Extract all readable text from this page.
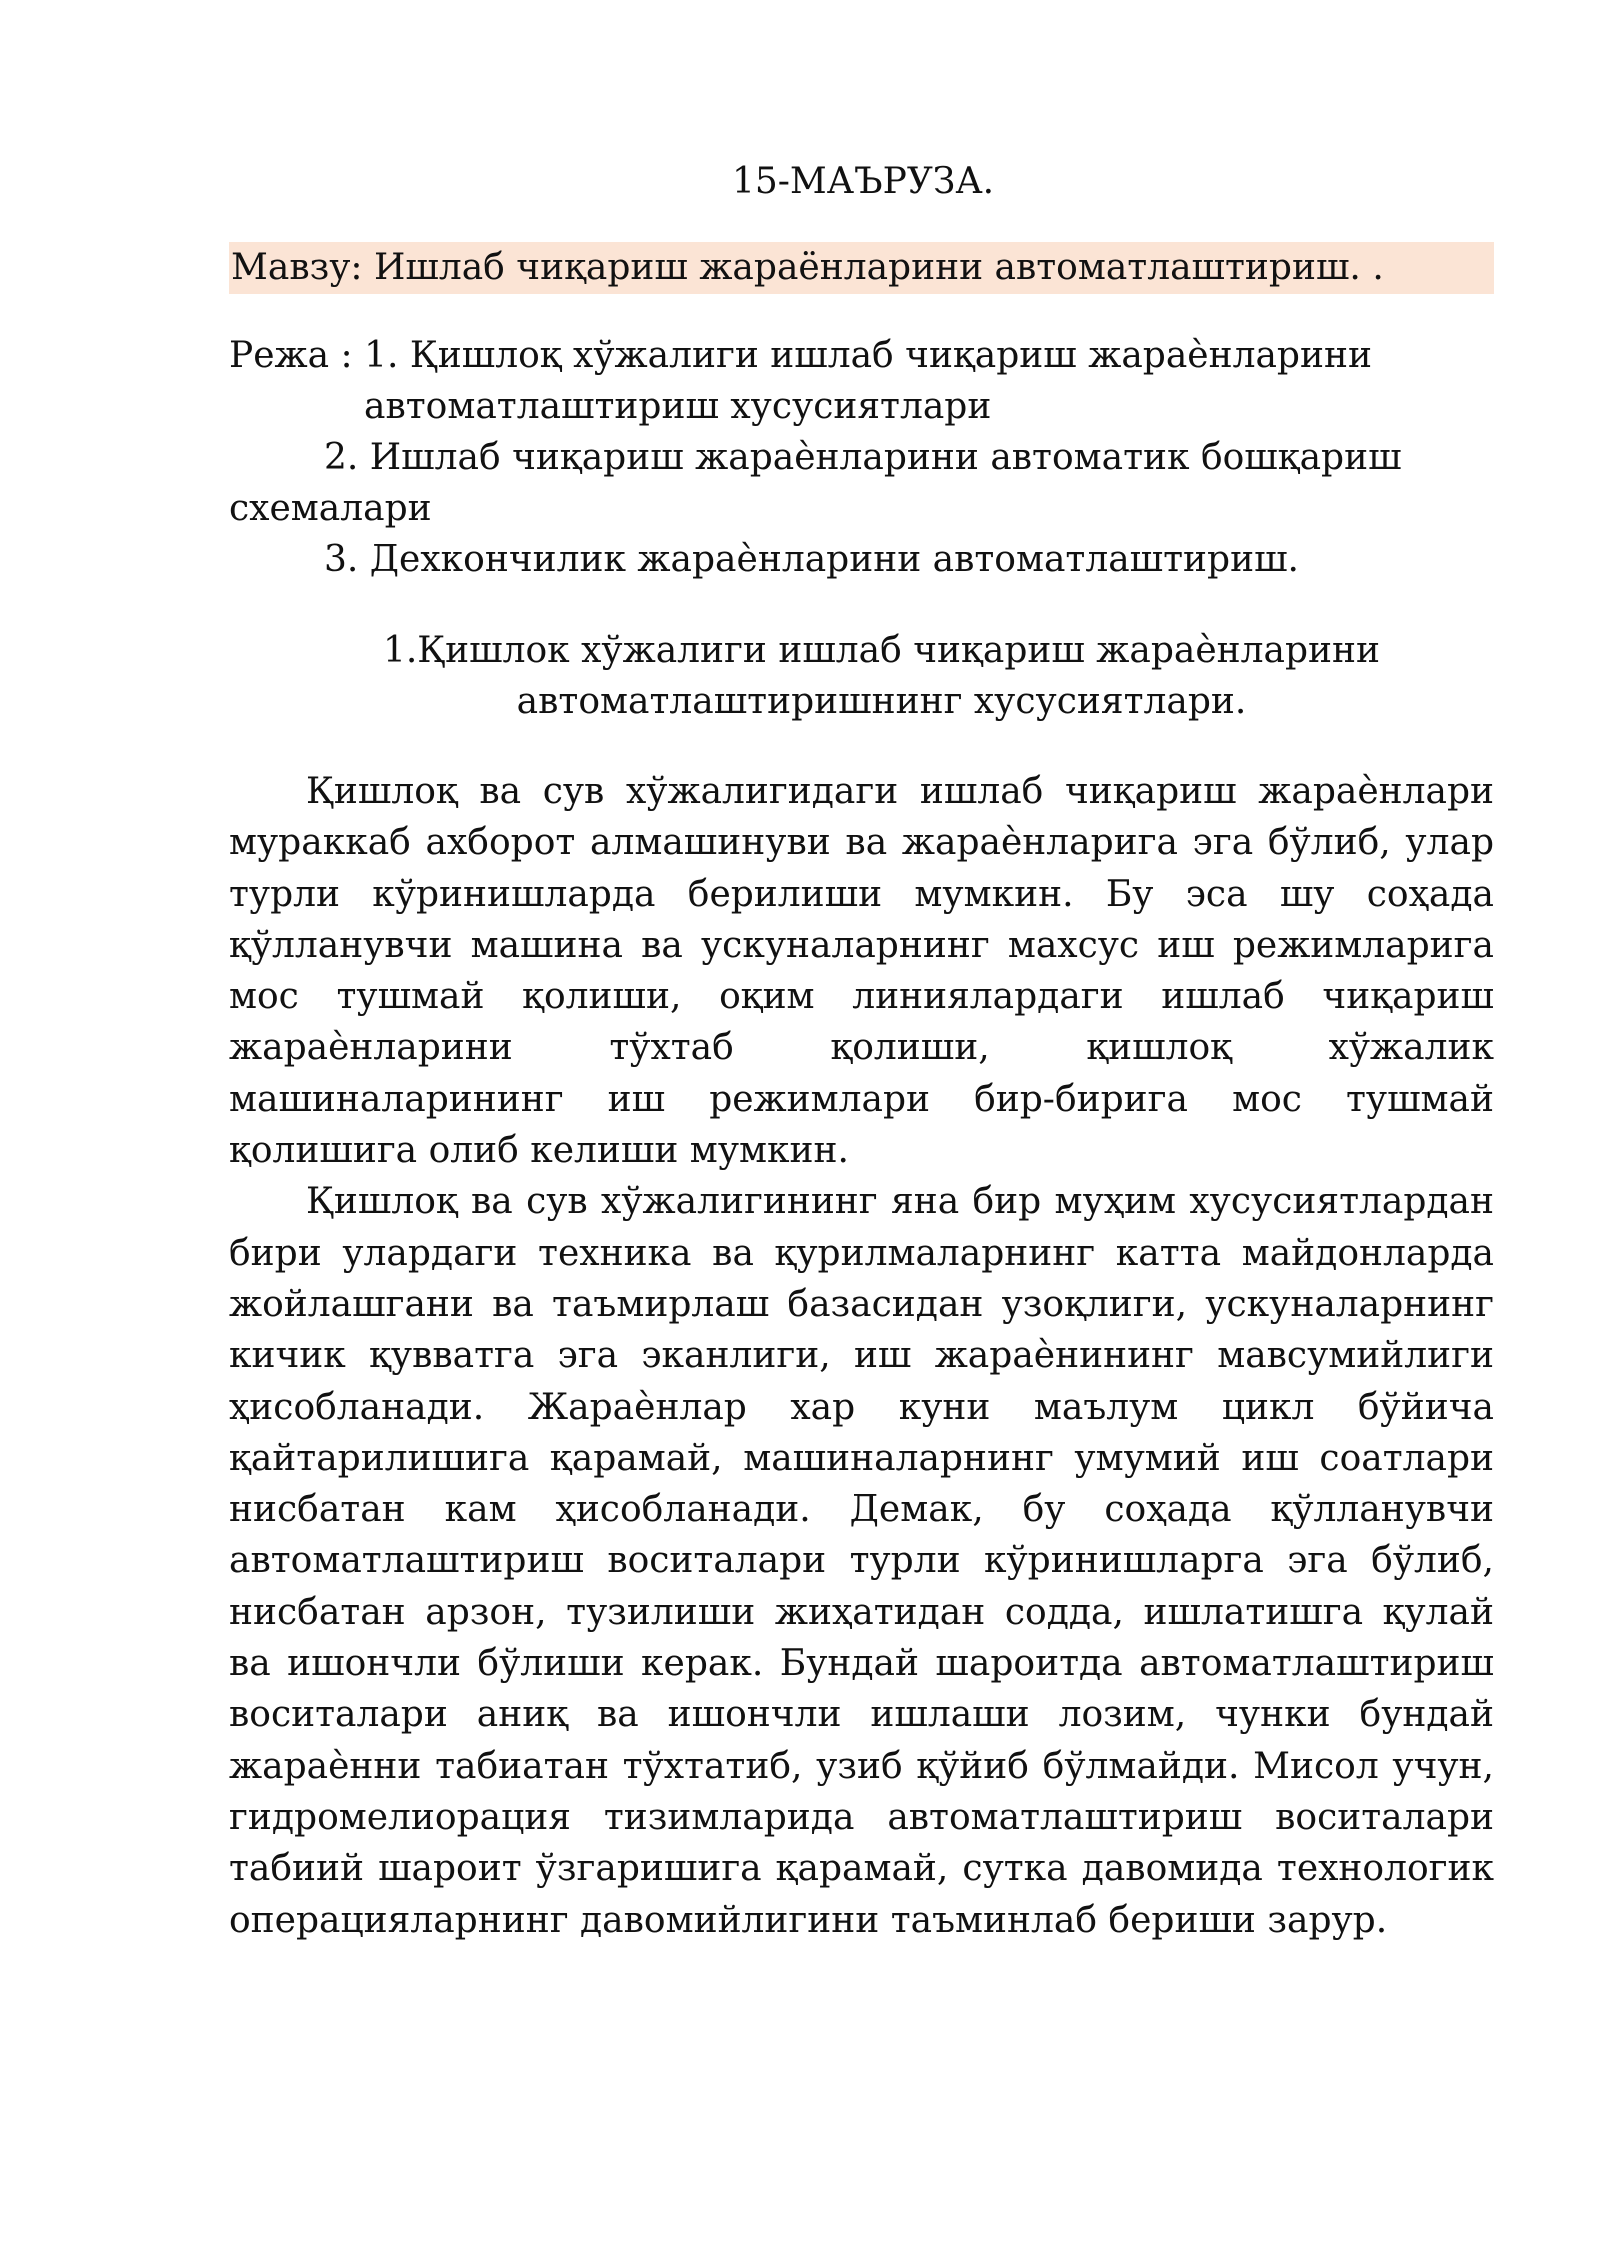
15-МАЪРУЗА.
Мавзу: Ишлаб чиқариш жараёнларини автоматлаштириш. .
Режа : 1. Қишлоқ хўжалиги ишлаб чиқариш жараѐнларини
автоматлаштириш хусусиятлари
2. Ишлаб чиқариш жараѐнларини автоматик бошқариш
схемалари
3. Дехкончилик жараѐнларини автоматлаштириш.
1.Қишлок хўжалиги ишлаб чиқариш жараѐнларини
автоматлаштиришнинг хусусиятлари.

Қишлоқ ва сув хўжалигидаги ишлаб чиқариш жараѐнлари мураккаб ахборот алмашинуви ва жараѐнларига эга бўлиб, улар турли кўринишларда берилиши мумкин. Бу эса шу соҳада қўлланувчи машина ва ускуналарнинг махсус иш режимларига мос тушмай қолиши, оқим линиялардаги ишлаб чиқариш жараѐнларини тўхтаб қолиши, қишлоқ хўжалик машиналарининг иш режимлари бир-бирига мос тушмай қолишига олиб келиши мумкин.

Қишлоқ ва сув хўжалигининг яна бир муҳим хусусиятлардан бири улардаги техника ва қурилмаларнинг катта майдонларда жойлашгани ва таъмирлаш базасидан узоқлиги, ускуналарнинг кичик қувватга эга эканлиги, иш жараѐнининг мавсумийлиги ҳисобланади. Жараѐнлар хар куни маълум цикл бўйича қайтарилишига қарамай, машиналарнинг умумий иш соатлари нисбатан кам ҳисобланади. Демак, бу соҳада қўлланувчи автоматлаштириш воситалари турли кўринишларга эга бўлиб, нисбатан арзон, тузилиши жиҳатидан содда, ишлатишга қулай ва ишончли бўлиши керак. Бундай шароитда автоматлаштириш воситалари аниқ ва ишончли ишлаши лозим, чунки бундай жараѐнни табиатан тўхтатиб, узиб қўйиб бўлмайди. Мисол учун, гидромелиорация тизимларида автоматлаштириш воситалари табиий шароит ўзгаришига қарамай, сутка давомида технологик операцияларнинг давомийлигини таъминлаб бериши зарур.
